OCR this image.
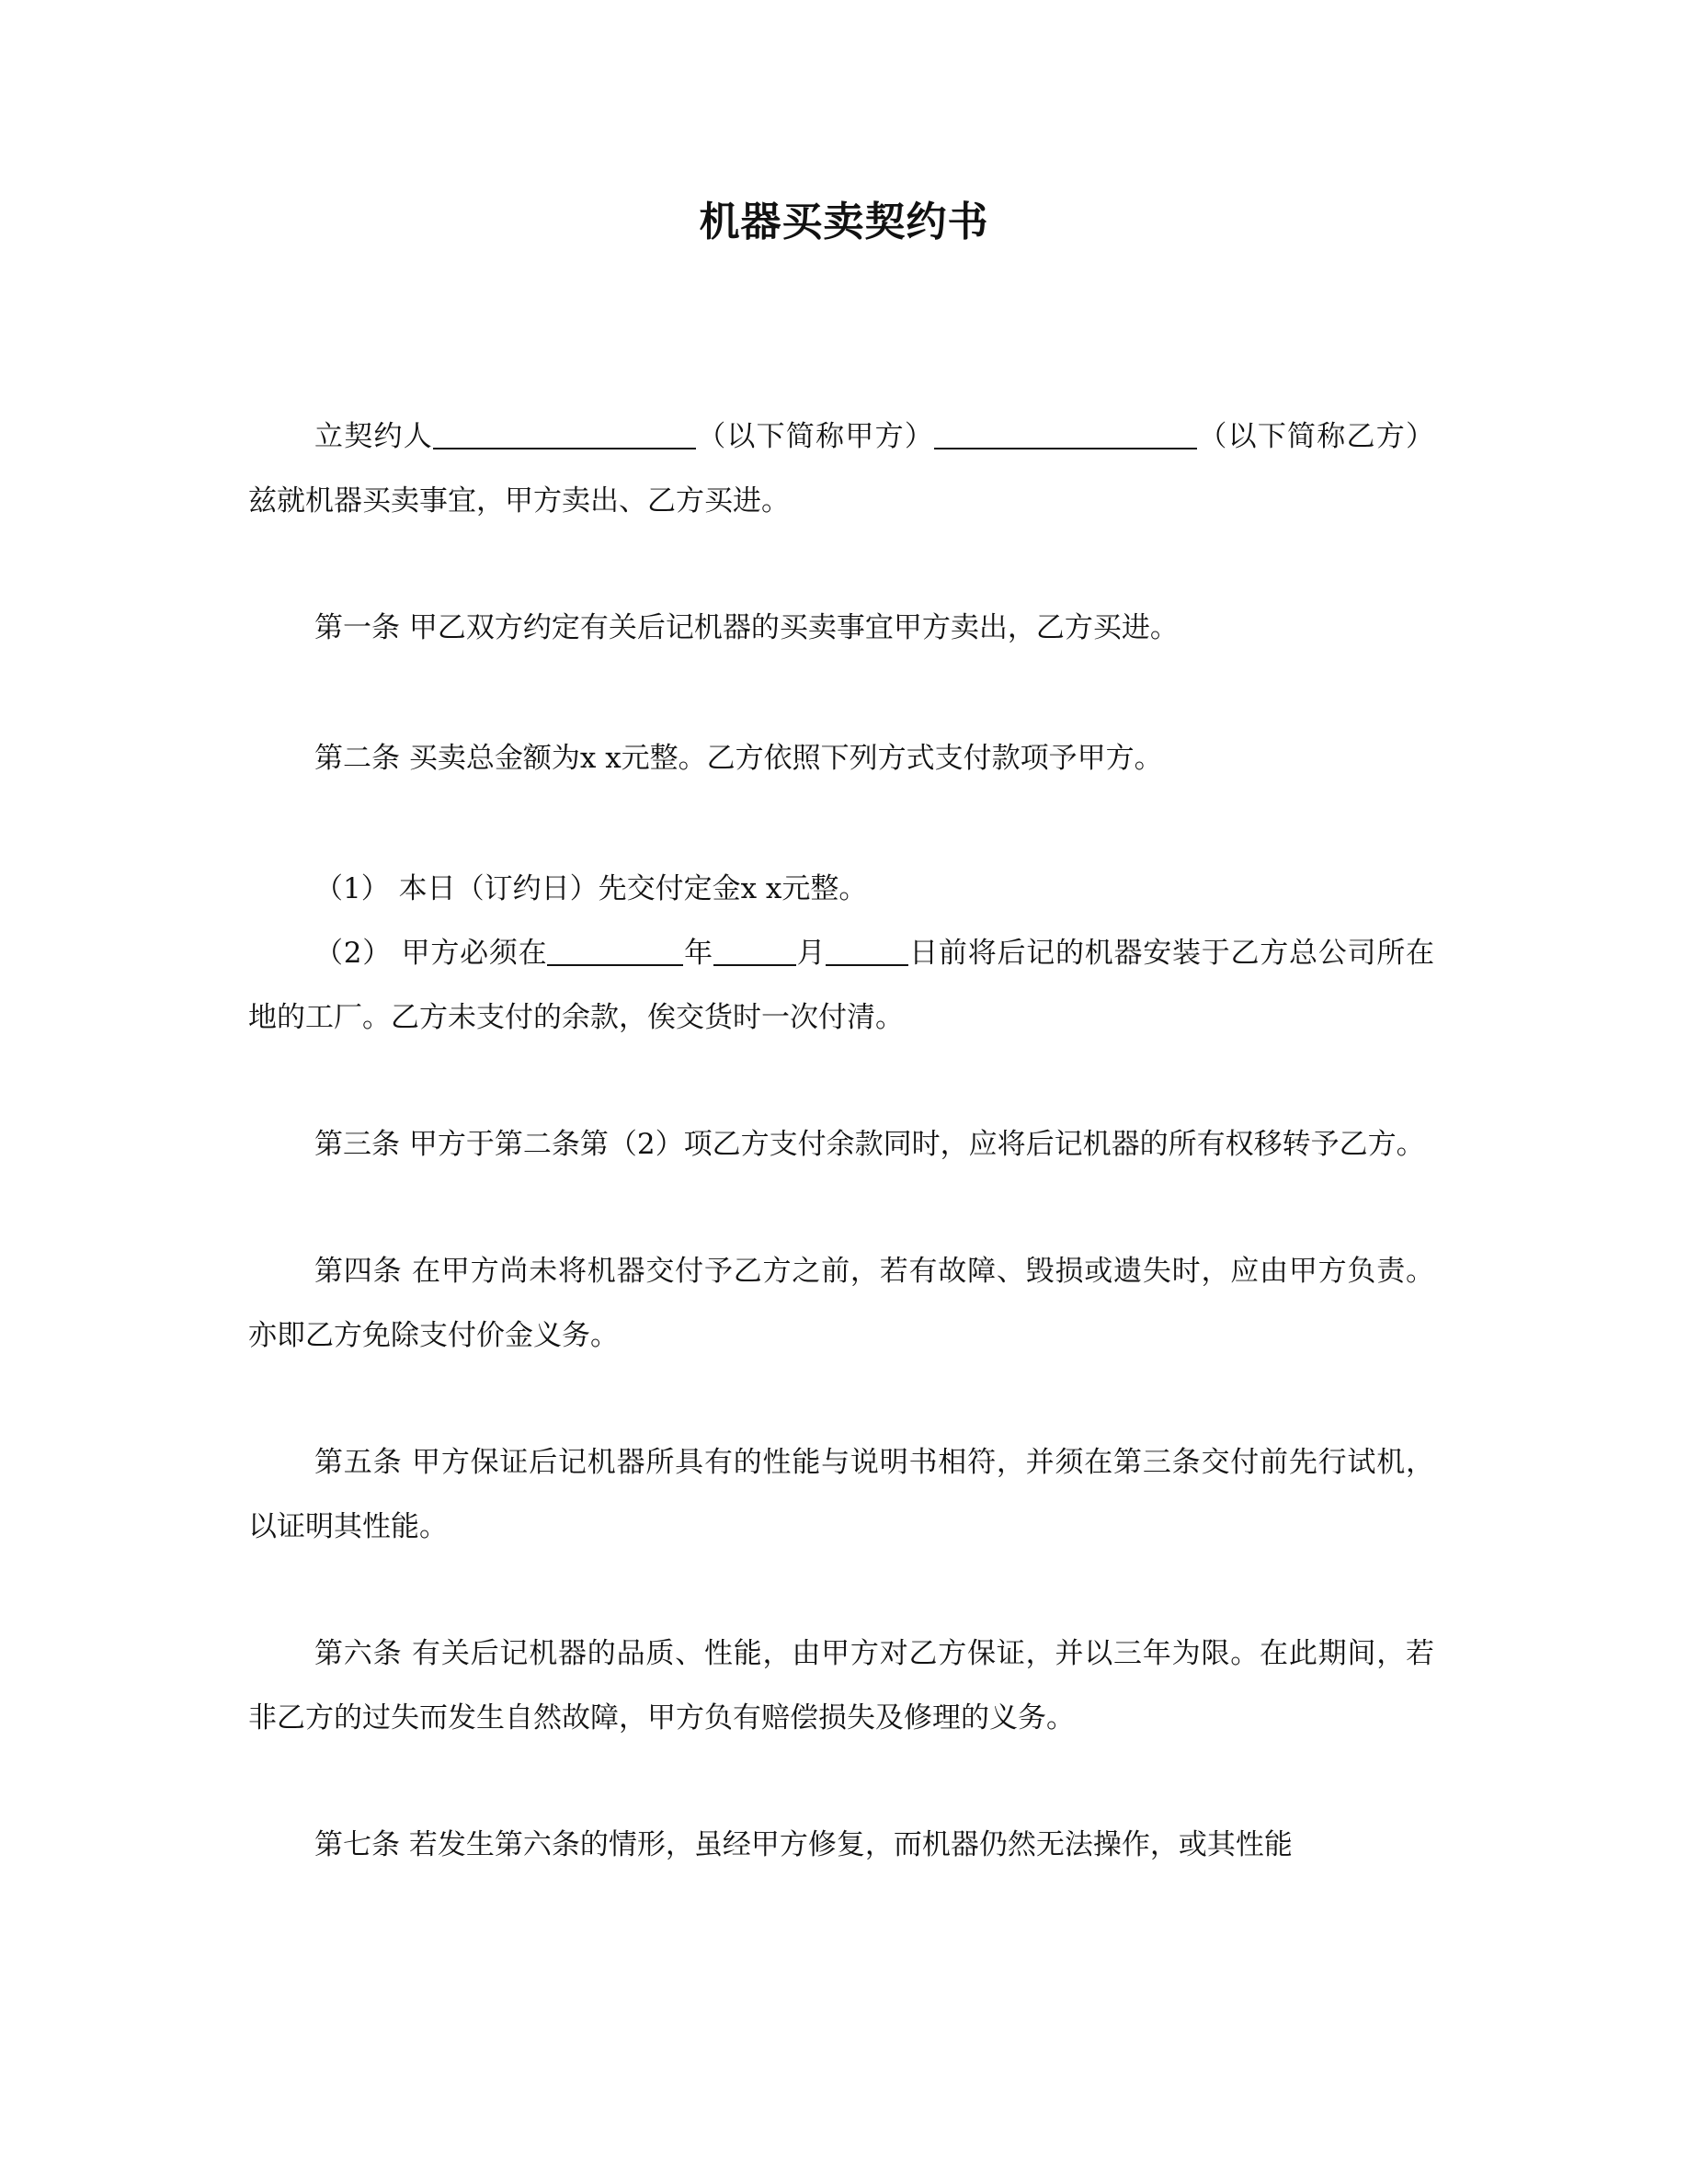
机器买卖契约书

立契约人	（以下简称甲方）	（以下简称乙方）兹就机器买卖事宜，甲方卖出、乙方买进。

第一条 甲乙双方约定有关后记机器的买卖事宜甲方卖出，乙方买进。

第二条 买卖总金额为x x元整。乙方依照下列方式支付款项予甲方。

（1） 本日（订约日）先交付定金x x元整。

（2） 甲方必须在	年	月	日前将后记的机器安装于乙方总公司所在地的工厂。乙方未支付的余款，俟交货时一次付清。

第三条 甲方于第二条第（2）项乙方支付余款同时，应将后记机器的所有权移转予乙方。

第四条 在甲方尚未将机器交付予乙方之前，若有故障、毁损或遗失时，应由甲方负责。亦即乙方免除支付价金义务。

第五条 甲方保证后记机器所具有的性能与说明书相符，并须在第三条交付前先行试机，以证明其性能。

第六条 有关后记机器的品质、性能，由甲方对乙方保证，并以三年为限。在此期间，若非乙方的过失而发生自然故障，甲方负有赔偿损失及修理的义务。

第七条 若发生第六条的情形，虽经甲方修复，而机器仍然无法操作，或其性能
